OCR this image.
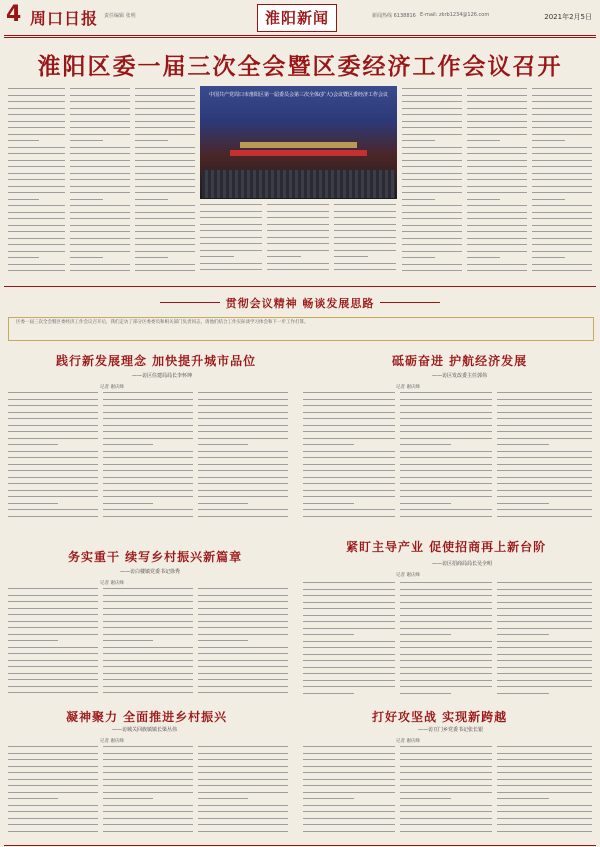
4 周口日报 责任编辑 张明	淮阳新闻	新闻热线 6138816 E-mail: zkrb1234@126.com	2021年2月5日
淮阳区委一届三次全会暨区委经济工作会议召开
中国共产党周口市淮阳区第一届委员会第三次全体(扩大)会议暨区委经济工作会议
贯彻会议精神 畅谈发展思路
区委一届三次全会暨区委经济工作会议召开后，我们走访了部分区委委员和相关部门负责同志，请他们结合工作实际谈学习体会和下一步工作打算。
践行新发展理念 加快提升城市品位
——访区住建局局长李怀坤
记者 谢庆峰
砥砺奋进 护航经济发展
——访区发改委主任郭伟
记者 谢庆峰
务实重干 续写乡村振兴新篇章
——访白楼镇党委书记徐秀
记者 谢庆峰
紧盯主导产业 促使招商再上新台阶
——访区招商局局长吴全明
记者 谢庆峰
凝神聚力 全面推进乡村振兴
——访城关回族镇镇长梁丛伟
记者 谢庆峰
打好攻坚战 实现新跨越
——访豆门乡党委书记张长银
记者 谢庆峰
